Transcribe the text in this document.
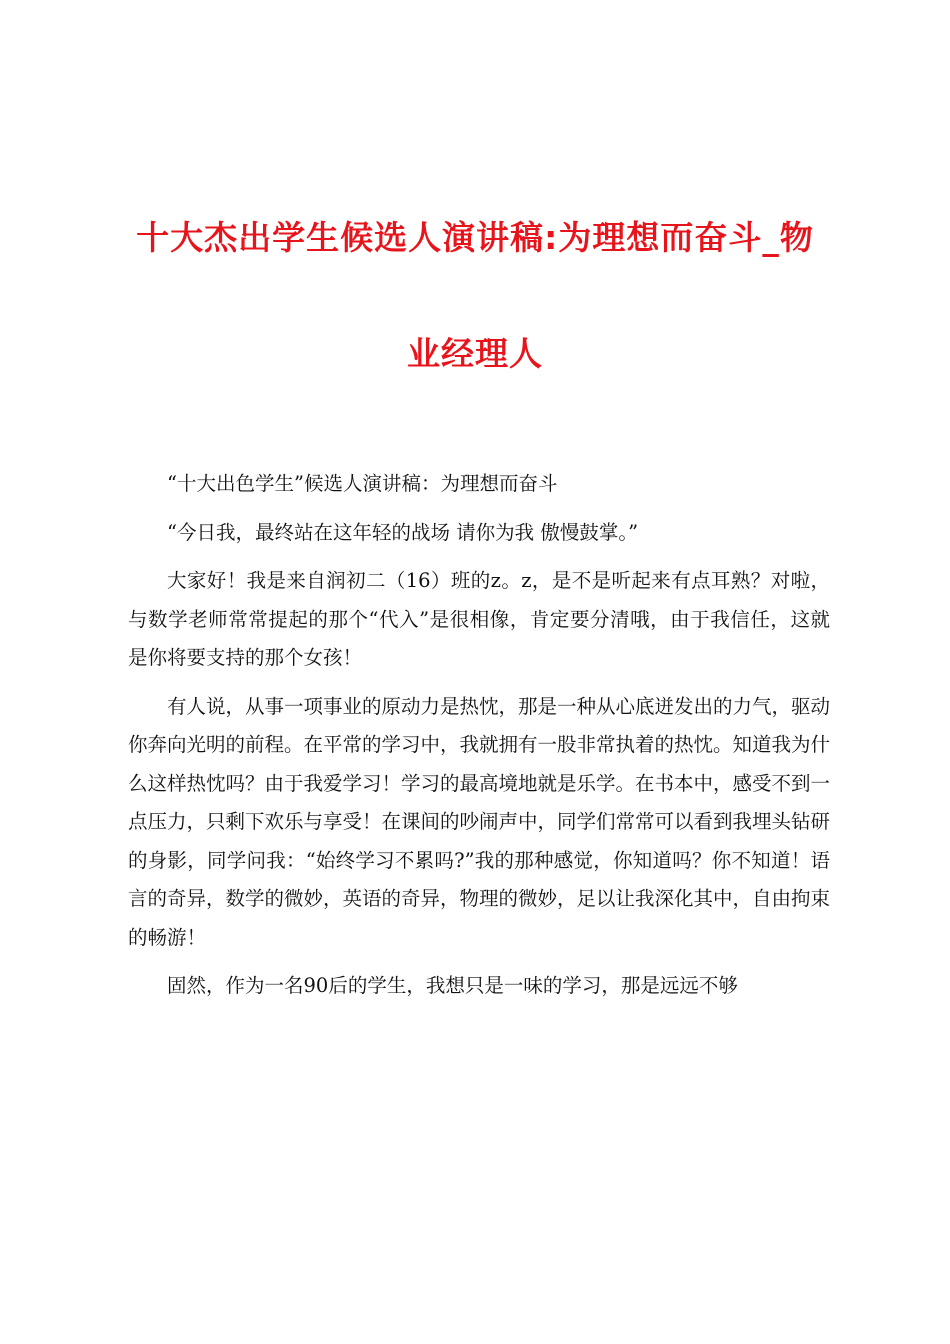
十大杰出学生候选人演讲稿:为理想而奋斗_物
业经理人

“十大出色学生”候选人演讲稿：为理想而奋斗

“今日我，最终站在这年轻的战场 请你为我 傲慢鼓掌。”

大家好！我是来自润初二（16）班的z。z，是不是听起来有点耳熟？对啦，与数学老师常常提起的那个“代入”是很相像，肯定要分清哦，由于我信任，这就是你将要支持的那个女孩！

有人说，从事一项事业的原动力是热忱，那是一种从心底迸发出的力气，驱动你奔向光明的前程。在平常的学习中，我就拥有一股非常执着的热忱。知道我为什么这样热忱吗？由于我爱学习！学习的最高境地就是乐学。在书本中，感受不到一点压力，只剩下欢乐与享受！在课间的吵闹声中，同学们常常可以看到我埋头钻研的身影，同学问我：“始终学习不累吗?”我的那种感觉，你知道吗？你不知道！语言的奇异，数学的微妙，英语的奇异，物理的微妙，足以让我深化其中，自由拘束的畅游！

固然，作为一名90后的学生，我想只是一味的学习，那是远远不够
